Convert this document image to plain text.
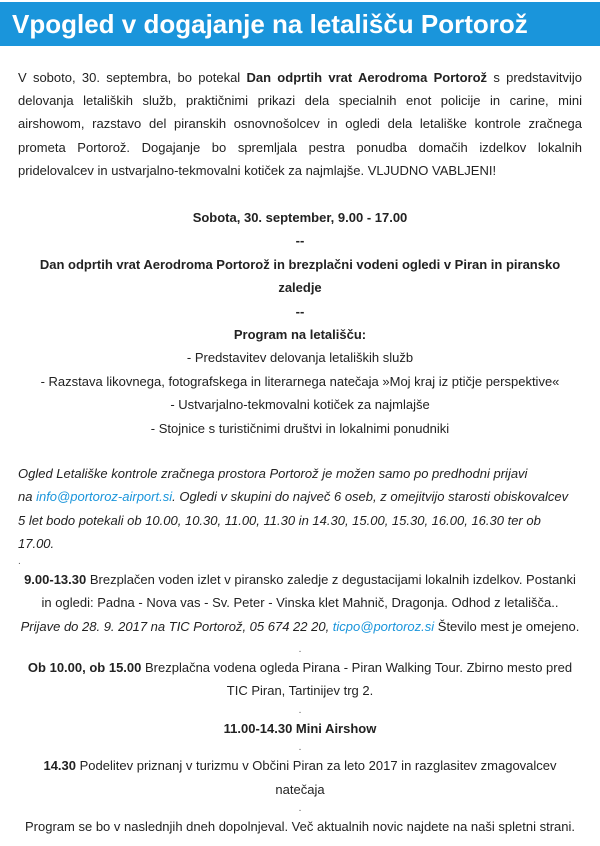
Vpogled v dogajanje na letališču Portorož

V soboto, 30. septembra, bo potekal Dan odprtih vrat Aerodroma Portorož s predstavitvijo delovanja letaliških služb, praktičnimi prikazi dela specialnih enot policije in carine, mini airshowom, razstavo del piranskih osnovnošolcev in ogledi dela letališke kontrole zračnega prometa Portorož. Dogajanje bo spremljala pestra ponudba domačih izdelkov lokalnih pridelovalcev in ustvarjalno-tekmovalni kotiček za najmlajše. VLJUDNO VABLJENI!

Sobota, 30. september, 9.00 - 17.00
--
Dan odprtih vrat Aerodroma Portorož in brezplačni vodeni ogledi v Piran in piransko
zaledje
--
Program na letališču:
- Predstavitev delovanja letaliških služb
- Razstava likovnega, fotografskega in literarnega natečaja »Moj kraj iz ptičje perspektive«
- Ustvarjalno-tekmovalni kotiček za najmlajše
- Stojnice s turističnimi društvi in lokalnimi ponudniki
Ogled Letališke kontrole zračnega prostora Portorož je možen samo po predhodni prijavi
na info@portoroz-airport.si. Ogledi v skupini do največ 6 oseb, z omejitvijo starosti obiskovalcev
5 let bodo potekali ob 10.00, 10.30, 11.00, 11.30 in 14.30, 15.00, 15.30, 16.00, 16.30 ter ob
17.00.
.
9.00-13.30 Brezplačen voden izlet v piransko zaledje z degustacijami lokalnih izdelkov. Postanki
in ogledi: Padna - Nova vas - Sv. Peter - Vinska klet Mahnič, Dragonja. Odhod z letališča..
Prijave do 28. 9. 2017 na TIC Portorož, 05 674 22 20, ticpo@portoroz.si Število mest je omejeno.
.
Ob 10.00, ob 15.00 Brezplačna vodena ogleda Pirana - Piran Walking Tour. Zbirno mesto pred
TIC Piran, Tartinijev trg 2.
.
11.00-14.30 Mini Airshow
.
14.30 Podelitev priznanj v turizmu v Občini Piran za leto 2017 in razglasitev zmagovalcev
natečaja
.
Program se bo v naslednjih dneh dopolnjeval. Več aktualnih novic najdete na naši spletni strani.
